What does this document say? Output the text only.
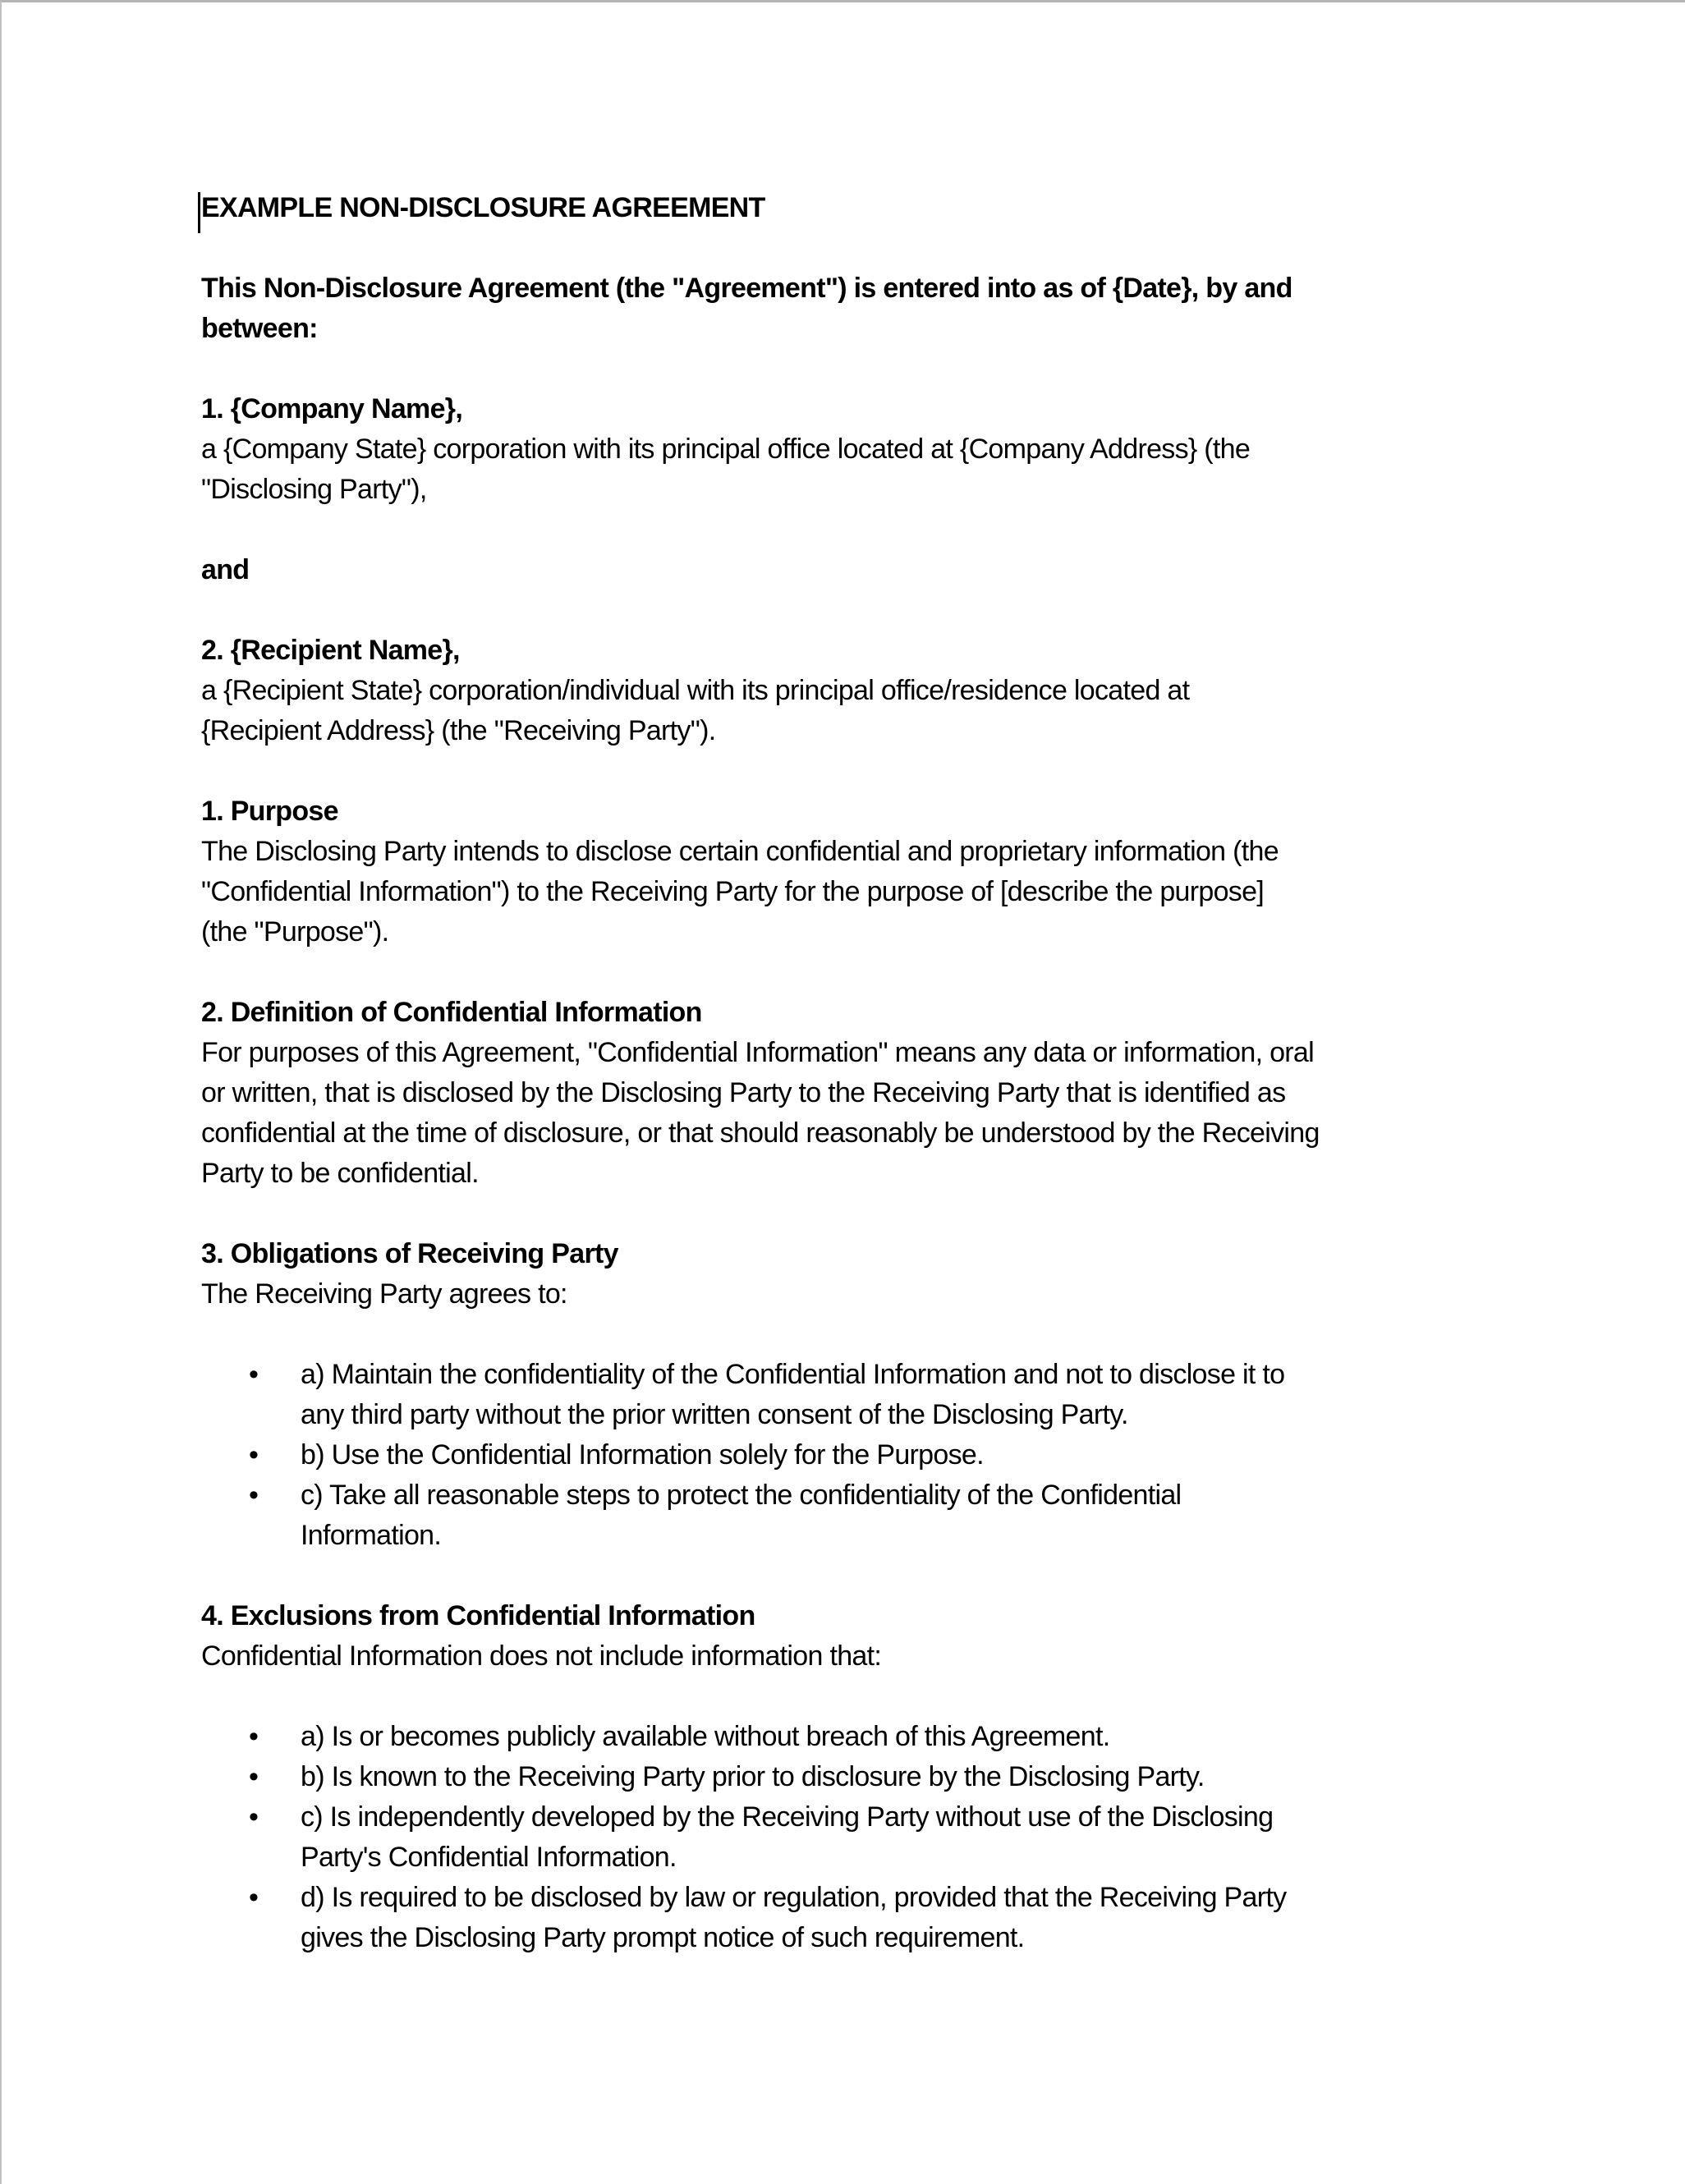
EXAMPLE NON-DISCLOSURE AGREEMENT
This Non-Disclosure Agreement (the "Agreement") is entered into as of {Date}, by and
between:
1. {Company Name},
a {Company State} corporation with its principal office located at {Company Address} (the
"Disclosing Party"),
and
2. {Recipient Name},
a {Recipient State} corporation/individual with its principal office/residence located at
{Recipient Address} (the "Receiving Party").
1. Purpose
The Disclosing Party intends to disclose certain confidential and proprietary information (the
"Confidential Information") to the Receiving Party for the purpose of [describe the purpose]
(the "Purpose").
2. Definition of Confidential Information
For purposes of this Agreement, "Confidential Information" means any data or information, oral
or written, that is disclosed by the Disclosing Party to the Receiving Party that is identified as
confidential at the time of disclosure, or that should reasonably be understood by the Receiving
Party to be confidential.
3. Obligations of Receiving Party
The Receiving Party agrees to:
• a) Maintain the confidentiality of the Confidential Information and not to disclose it to
any third party without the prior written consent of the Disclosing Party.
• b) Use the Confidential Information solely for the Purpose.
• c) Take all reasonable steps to protect the confidentiality of the Confidential
Information.
4. Exclusions from Confidential Information
Confidential Information does not include information that:
• a) Is or becomes publicly available without breach of this Agreement.
• b) Is known to the Receiving Party prior to disclosure by the Disclosing Party.
• c) Is independently developed by the Receiving Party without use of the Disclosing
Party's Confidential Information.
• d) Is required to be disclosed by law or regulation, provided that the Receiving Party
gives the Disclosing Party prompt notice of such requirement.
